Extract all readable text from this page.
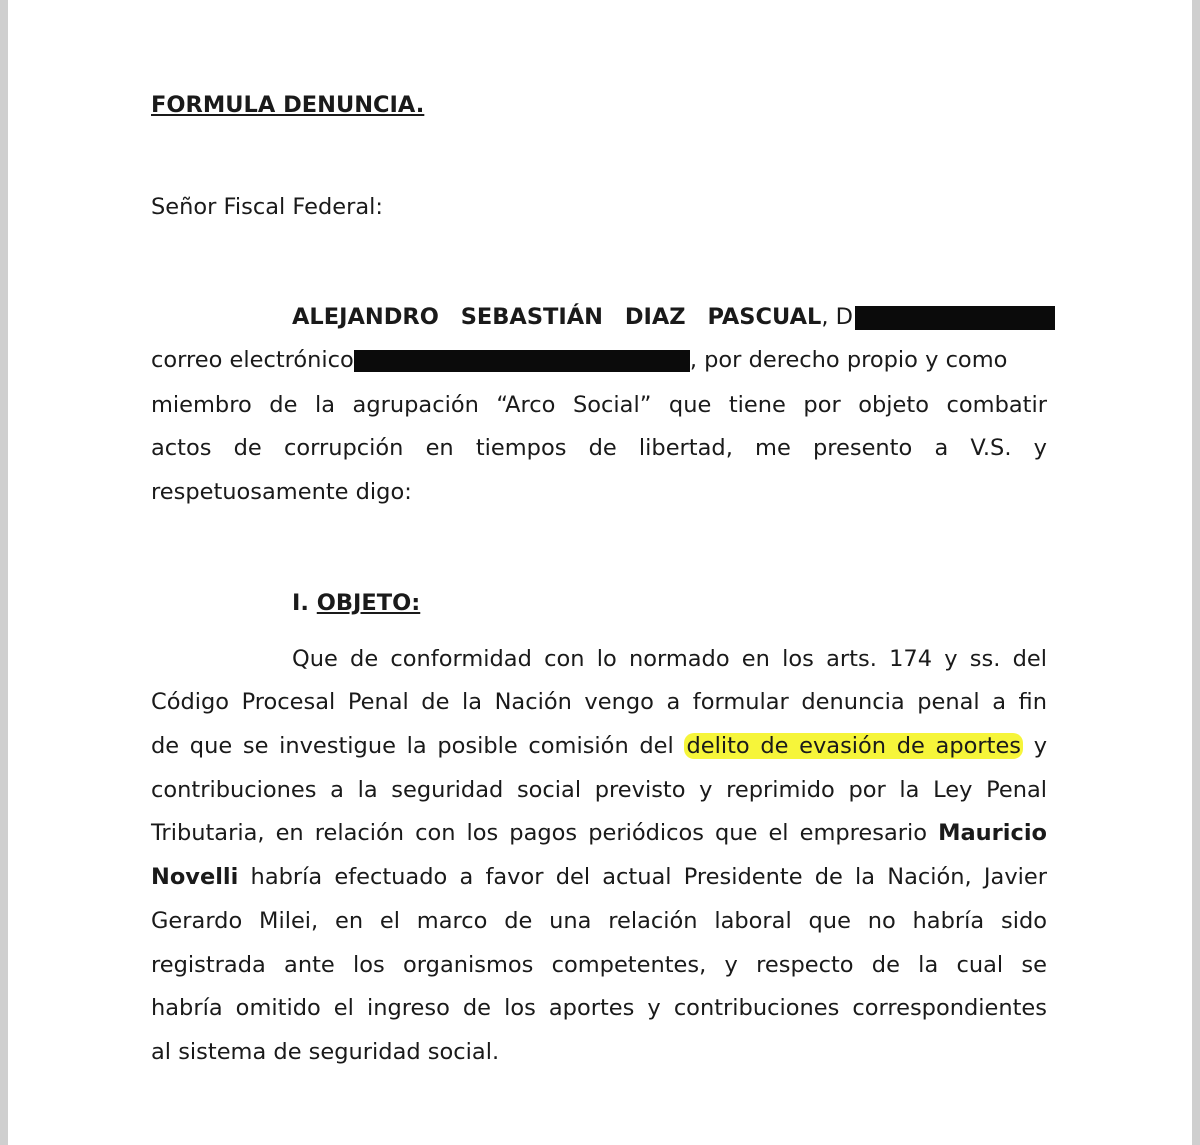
FORMULA DENUNCIA.
Señor Fiscal Federal:
ALEJANDRO SEBASTIÁN DIAZ PASCUAL, D
correo electrónico	, por derecho propio y como
miembro de la agrupación “Arco Social” que tiene por objeto combatir
actos de corrupción en tiempos de libertad, me presento a V.S. y
respetuosamente digo:
I. OBJETO:
Que de conformidad con lo normado en los arts. 174 y ss. del
Código Procesal Penal de la Nación vengo a formular denuncia penal a fin
de que se investigue la posible comisión del delito de evasión de aportes y
contribuciones a la seguridad social previsto y reprimido por la Ley Penal
Tributaria, en relación con los pagos periódicos que el empresario Mauricio
Novelli habría efectuado a favor del actual Presidente de la Nación, Javier
Gerardo Milei, en el marco de una relación laboral que no habría sido
registrada ante los organismos competentes, y respecto de la cual se
habría omitido el ingreso de los aportes y contribuciones correspondientes
al sistema de seguridad social.
